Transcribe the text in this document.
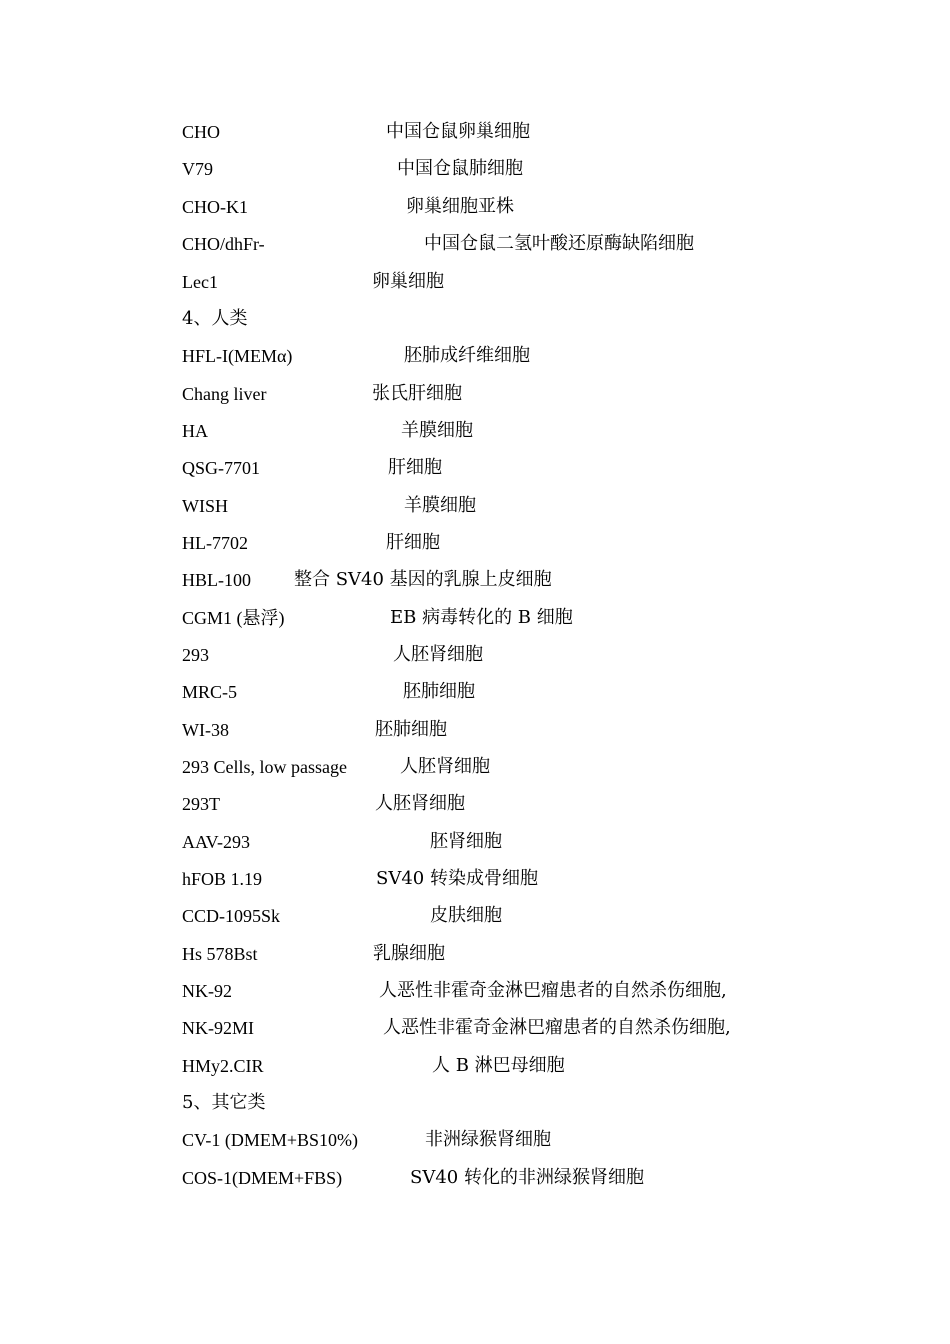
CHO	中国仓鼠卵巢细胞
V79	中国仓鼠肺细胞
CHO-K1	卵巢细胞亚株
CHO/dhFr-	中国仓鼠二氢叶酸还原酶缺陷细胞
Lec1	卵巢细胞
4、人类
HFL-I(MEMα)	胚肺成纤维细胞
Chang liver	张氏肝细胞
HA	羊膜细胞
QSG-7701	肝细胞
WISH	羊膜细胞
HL-7702	肝细胞
HBL-100 整合 SV40 基因的乳腺上皮细胞
CGM1 (悬浮)	EB 病毒转化的 B 细胞
293	人胚肾细胞
MRC-5	胚肺细胞
WI-38	胚肺细胞
293 Cells, low passage	人胚肾细胞
293T	人胚肾细胞
AAV-293	胚肾细胞
hFOB 1.19	SV40 转染成骨细胞
CCD-1095Sk	皮肤细胞
Hs 578Bst	乳腺细胞
NK-92	人恶性非霍奇金淋巴瘤患者的自然杀伤细胞,
NK-92MI	人恶性非霍奇金淋巴瘤患者的自然杀伤细胞,
HMy2.CIR	人 B 淋巴母细胞
5、其它类
CV-1 (DMEM+BS10%)	非洲绿猴肾细胞
COS-1(DMEM+FBS)	SV40 转化的非洲绿猴肾细胞
